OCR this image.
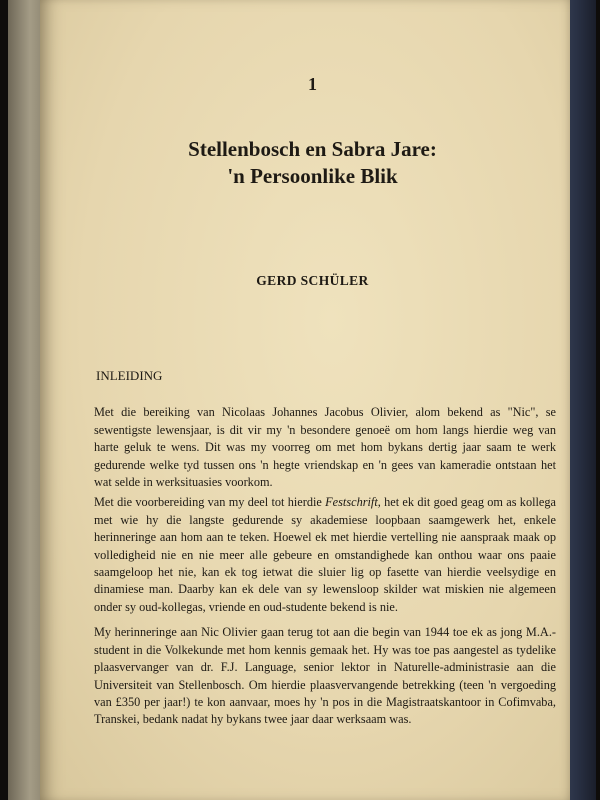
1
Stellenbosch en Sabra Jare:
'n Persoonlike Blik
GERD SCHÜLER
INLEIDING

Met die bereiking van Nicolaas Johannes Jacobus Olivier, alom bekend as "Nic", se sewentigste lewensjaar, is dit vir my 'n besondere genoeë om hom langs hierdie weg van harte geluk te wens. Dit was my voorreg om met hom bykans dertig jaar saam te werk gedurende welke tyd tussen ons 'n hegte vriendskap en 'n gees van kameradie ontstaan het wat selde in werksituasies voorkom.

Met die voorbereiding van my deel tot hierdie Festschrift, het ek dit goed geag om as kollega met wie hy die langste gedurende sy akademiese loopbaan saamgewerk het, enkele herinneringe aan hom aan te teken. Hoewel ek met hierdie vertelling nie aanspraak maak op volledigheid nie en nie meer alle gebeure en omstandighede kan onthou waar ons paaie saamgeloop het nie, kan ek tog ietwat die sluier lig op fasette van hierdie veelsydige en dinamiese man. Daarby kan ek dele van sy lewensloop skilder wat miskien nie algemeen onder sy oud-kollegas, vriende en oud-studente bekend is nie.

My herinneringe aan Nic Olivier gaan terug tot aan die begin van 1944 toe ek as jong M.A.-student in die Volkekunde met hom kennis gemaak het. Hy was toe pas aangestel as tydelike plaasvervanger van dr. F.J. Language, senior lektor in Naturelle-administrasie aan die Universiteit van Stellenbosch. Om hierdie plaasvervangende betrekking (teen 'n vergoeding van £350 per jaar!) te kon aanvaar, moes hy 'n pos in die Magistraatskantoor in Cofimvaba, Transkei, bedank nadat hy bykans twee jaar daar werksaam was.
